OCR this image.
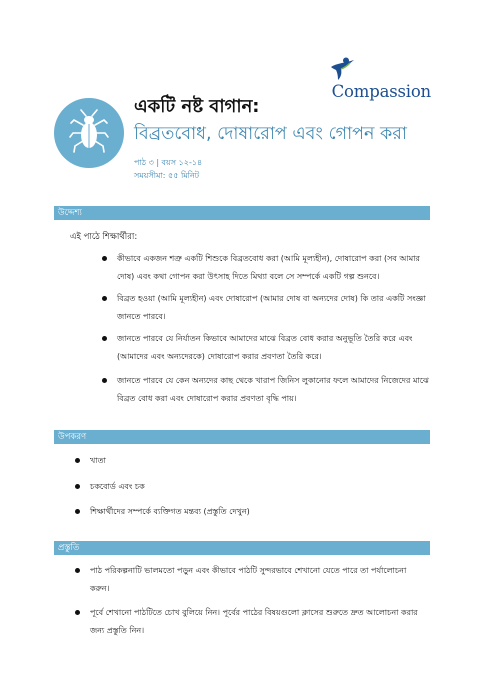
Compassion
একটি নষ্ট বাগান:
বিব্রতবোধ, দোষারোপ এবং গোপন করা
পাঠ ৩ | বয়স ১২-১৪
সময়সীমা: ৫৫ মিনিট
উদ্দেশ্য
এই পাঠে শিক্ষার্থীরা:
কীভাবে একজন শত্রু একটি শিশুকে বিব্রতবোধ করা (আমি মূল্যহীন), দোষারোপ করা (সব আমার দোষ) এবং কথা গোপন করা উৎসাহ দিতে মিথ্যা বলে সে সম্পর্কে একটি গল্প শুনবে।
বিব্রত হওয়া (আমি মূল্যহীন) এবং দোষারোপ (আমার দোষ বা অন্যদের দোষ) কি তার একটি সংজ্ঞা জানতে পারবে।
জানতে পারবে যে নির্যাতন কিভাবে আমাদের মাঝে বিব্রত বোধ করার অনুভূতি তৈরি করে এবং (আমাদের এবং অন্যদেরকে) দোষারোপ করার প্রবণতা তৈরি করে।
জানতে পারবে যে কেন অন্যদের কাছ থেকে খারাপ জিনিস লুকানোর ফলে আমাদের নিজেদের মাঝে বিব্রত বোধ করা এবং দোষারোপ করার প্রবণতা বৃদ্ধি পায়।
উপকরণ
খাতা
চকবোর্ড এবং চক
শিক্ষার্থীদের সম্পর্কে ব্যক্তিগত মন্তব্য (প্রস্তুতি দেখুন)
প্রস্তুতি
পাঠ পরিকল্পনাটি ভালমতো পড়ুন এবং কীভাবে পাঠটি সুন্দরভাবে শেখানো যেতে পারে তা পর্যালোচনা করুন।
পূর্বে শেখানো পাঠটিতে চোখ বুলিয়ে নিন। পূর্বের পাঠের বিষয়গুলো ক্লাসের শুরুতে দ্রুত আলোচনা করার জন্য প্রস্তুতি নিন।
